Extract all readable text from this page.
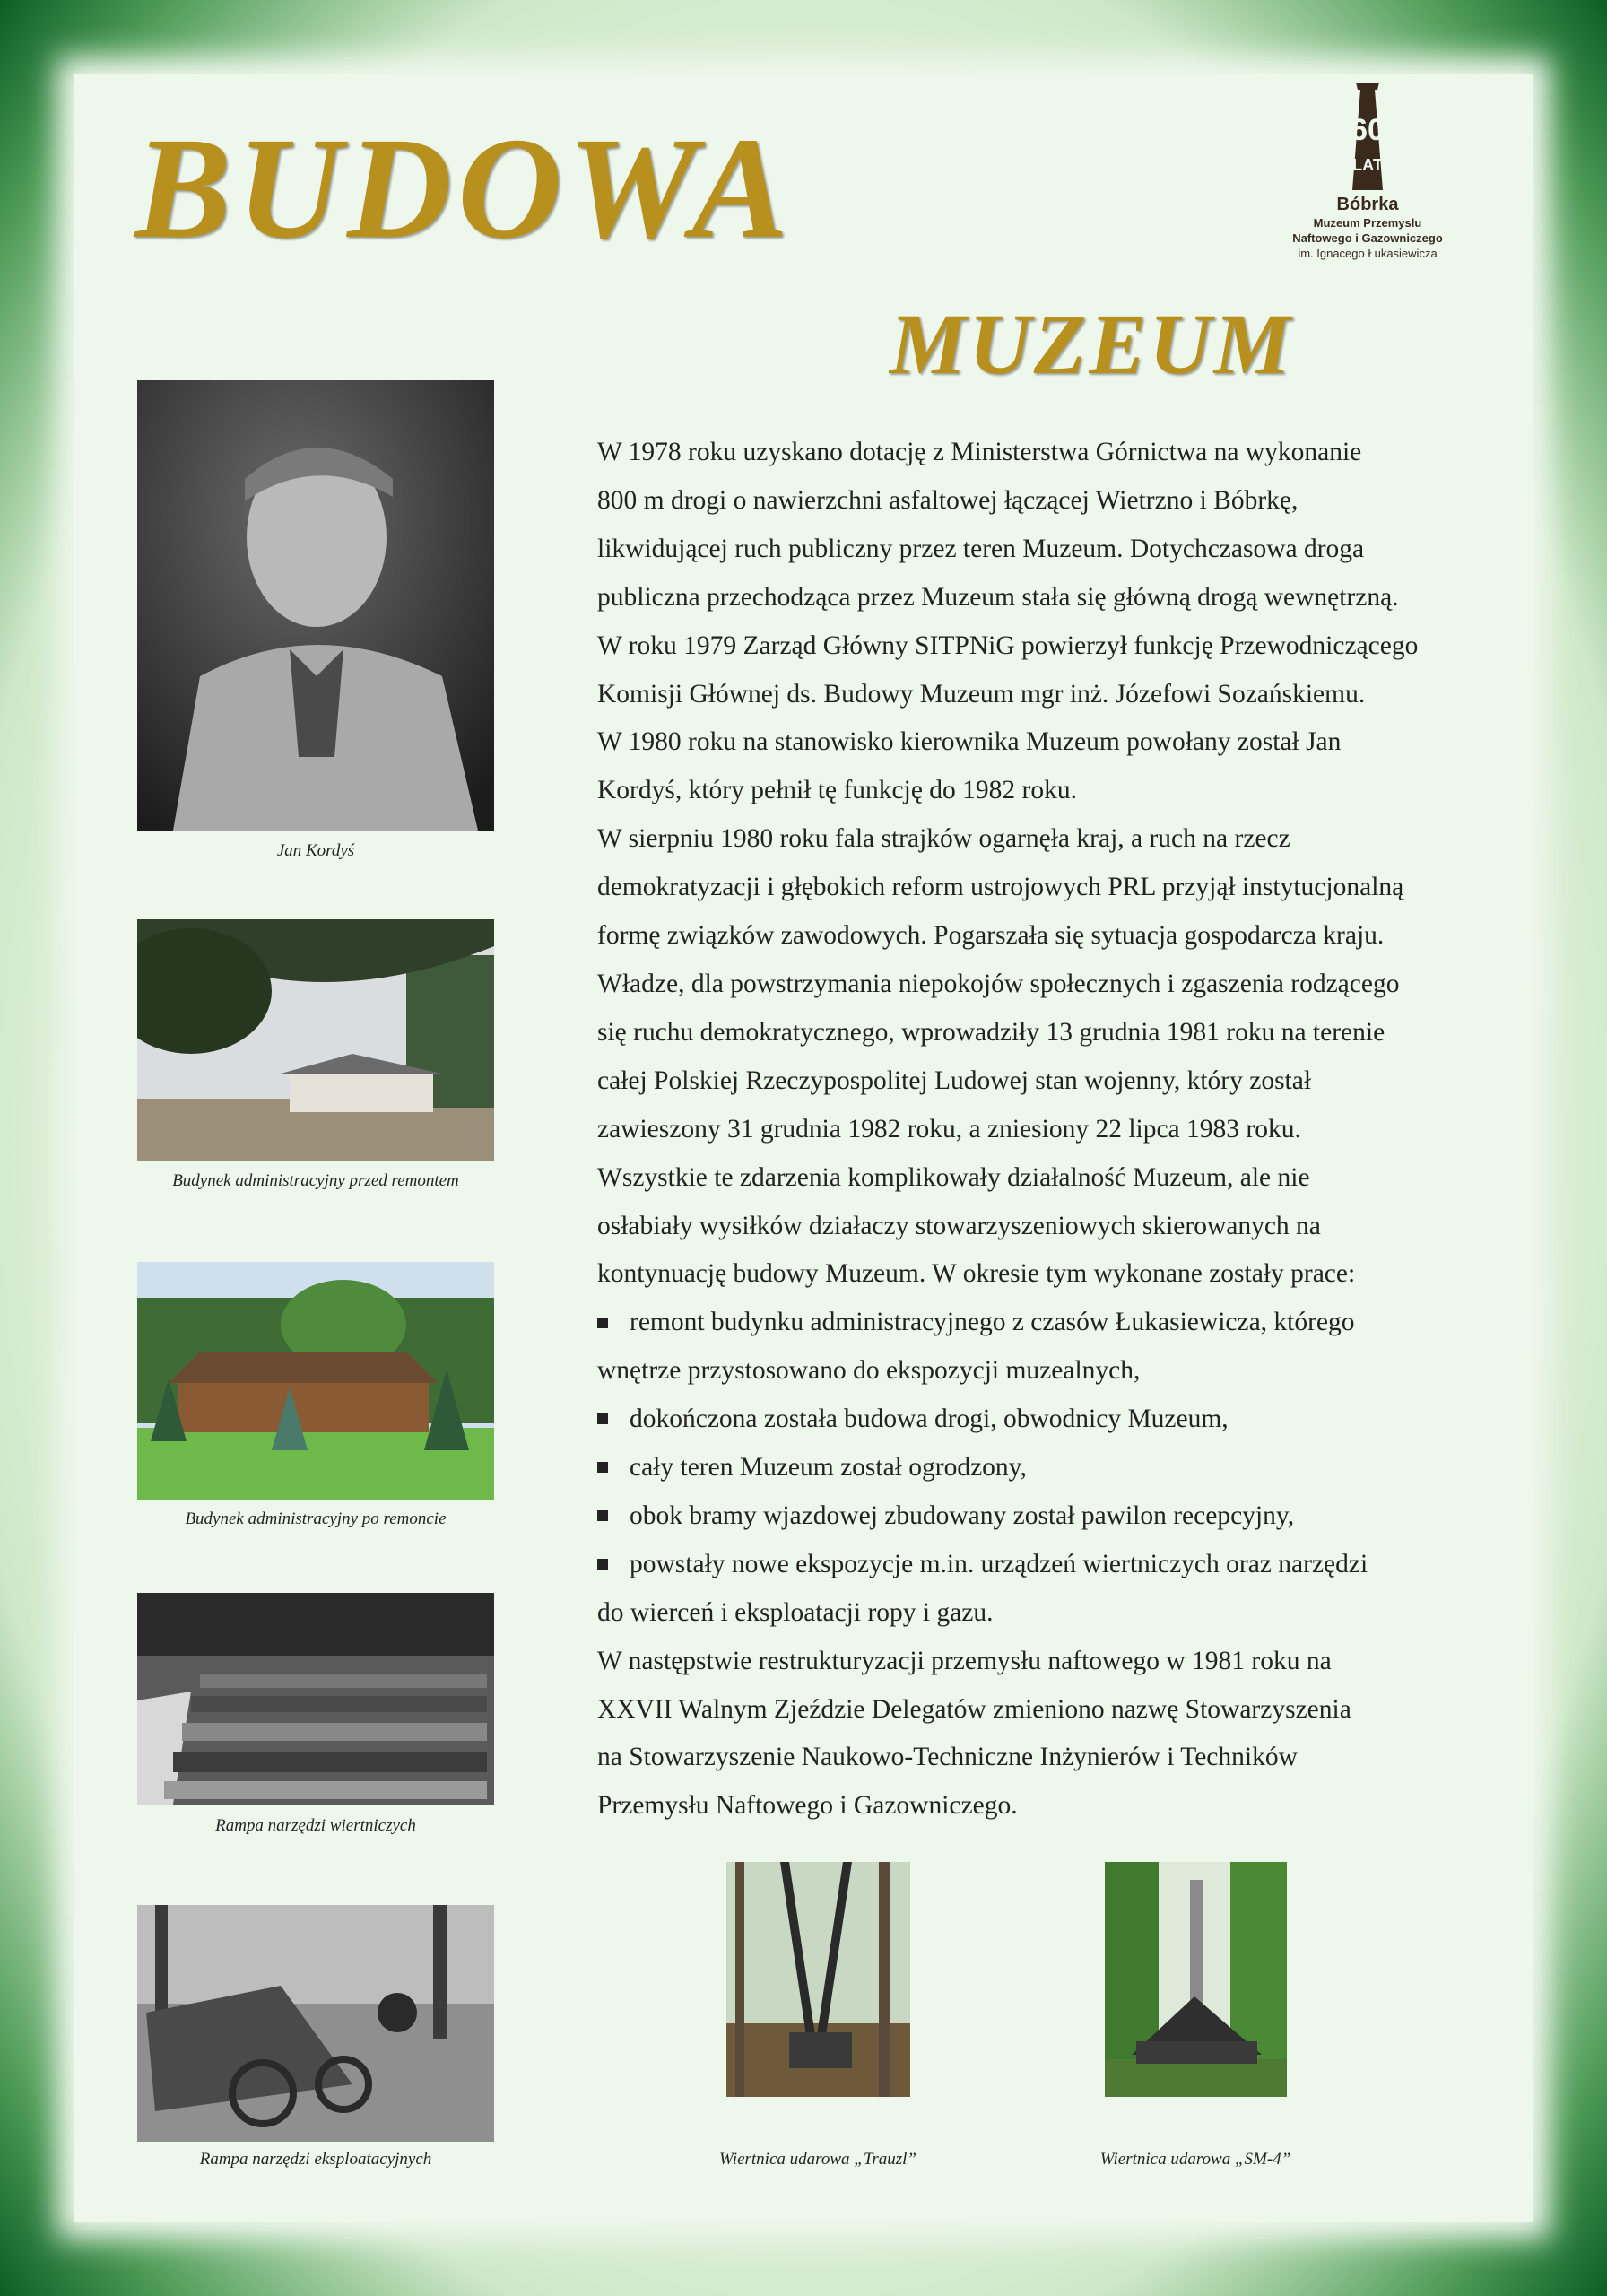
BUDOWA
MUZEUM
60
LAT
Bóbrka
Muzeum Przemysłu
Naftowego i Gazowniczego
im. Ignacego Łukasiewicza
Jan Kordyś
Budynek administracyjny przed remontem
Budynek administracyjny po remoncie
Rampa narzędzi wiertniczych
Rampa narzędzi eksploatacyjnych	Wiertnica udarowa „Trauzl”	Wiertnica udarowa „SM-4”

W 1978 roku uzyskano dotację z Ministerstwa Górnictwa na wykonanie

800 m drogi o nawierzchni asfaltowej łączącej Wietrzno i Bóbrkę,

likwidującej ruch publiczny przez teren Muzeum. Dotychczasowa droga

publiczna przechodząca przez Muzeum stała się główną drogą wewnętrzną.

W roku 1979 Zarząd Główny SITPNiG powierzył funkcję Przewodniczącego

Komisji Głównej ds. Budowy Muzeum mgr inż. Józefowi Sozańskiemu.

W 1980 roku na stanowisko kierownika Muzeum powołany został Jan

Kordyś, który pełnił tę funkcję do 1982 roku.

W sierpniu 1980 roku fala strajków ogarnęła kraj, a ruch na rzecz

demokratyzacji i głębokich reform ustrojowych PRL przyjął instytucjonalną

formę związków zawodowych. Pogarszała się sytuacja gospodarcza kraju.

Władze, dla powstrzymania niepokojów społecznych i zgaszenia rodzącego

się ruchu demokratycznego, wprowadziły 13 grudnia 1981 roku na terenie

całej Polskiej Rzeczypospolitej Ludowej stan wojenny, który został

zawieszony 31 grudnia 1982 roku, a zniesiony 22 lipca 1983 roku.

Wszystkie te zdarzenia komplikowały działalność Muzeum, ale nie

osłabiały wysiłków działaczy stowarzyszeniowych skierowanych na

kontynuację budowy Muzeum. W okresie tym wykonane zostały prace:

remont budynku administracyjnego z czasów Łukasiewicza, którego

wnętrze przystosowano do ekspozycji muzealnych,

dokończona została budowa drogi, obwodnicy Muzeum,

cały teren Muzeum został ogrodzony,

obok bramy wjazdowej zbudowany został pawilon recepcyjny,

powstały nowe ekspozycje m.in. urządzeń wiertniczych oraz narzędzi

do wierceń i eksploatacji ropy i gazu.

W następstwie restrukturyzacji przemysłu naftowego w 1981 roku na

XXVII Walnym Zjeździe Delegatów zmieniono nazwę Stowarzyszenia

na Stowarzyszenie Naukowo-Techniczne Inżynierów i Techników

Przemysłu Naftowego i Gazowniczego.
